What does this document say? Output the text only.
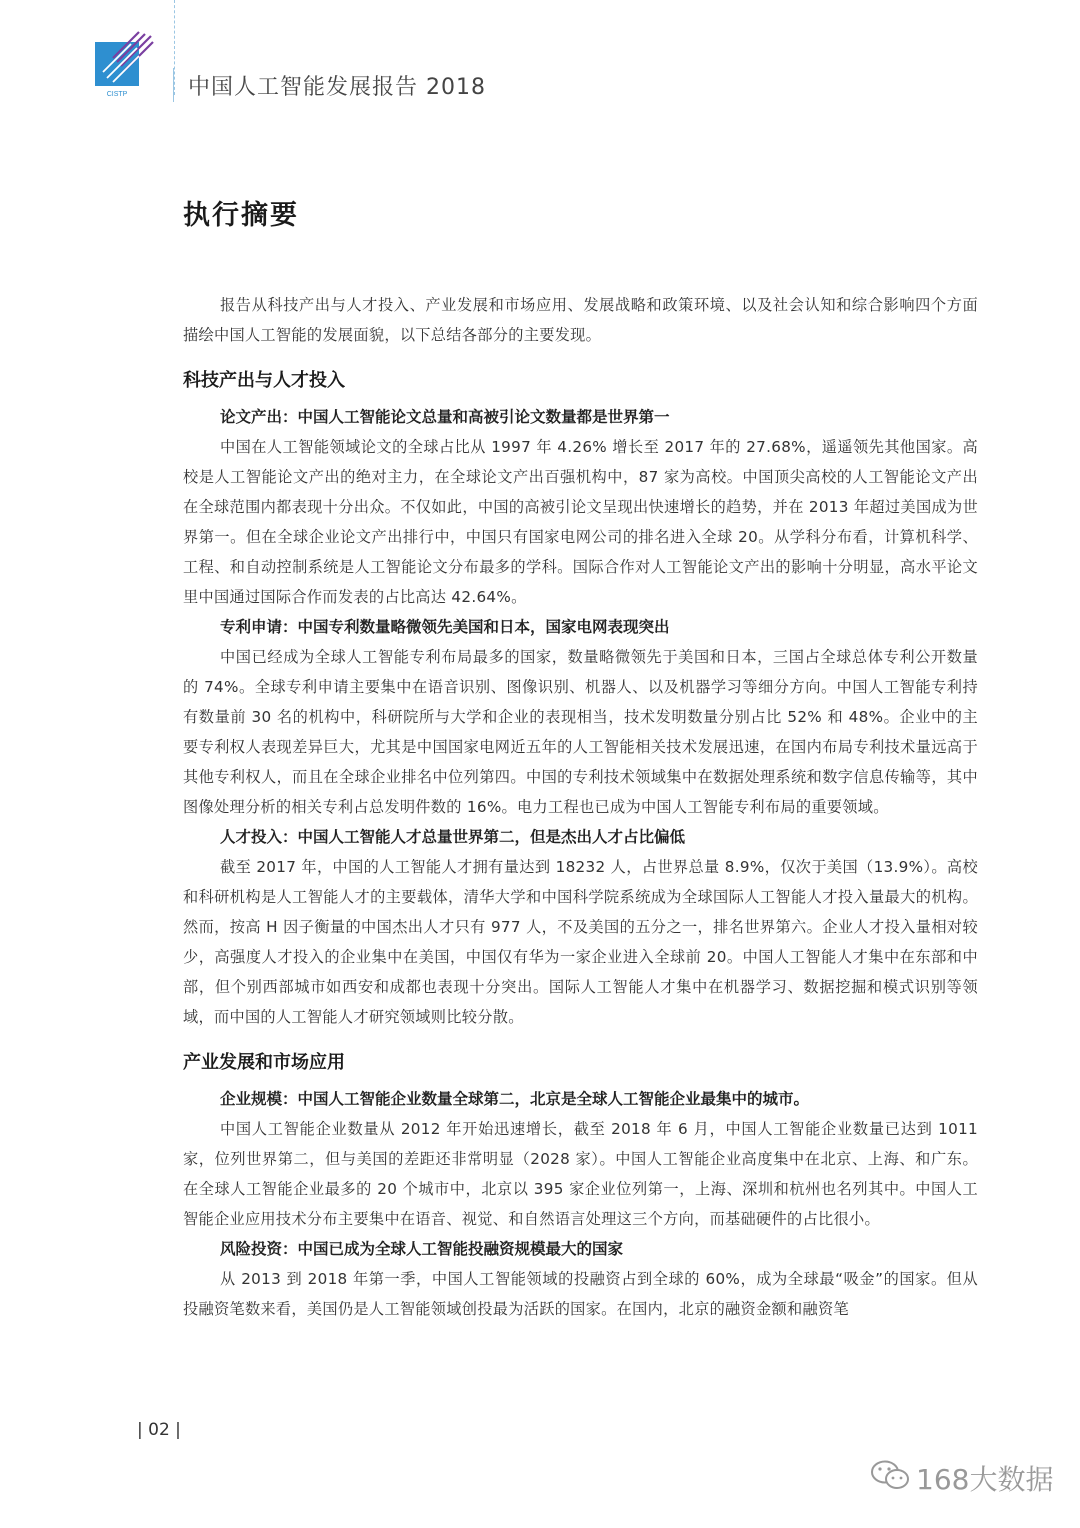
CISTP	中国人工智能发展报告 2018
执行摘要

报告从科技产出与人才投入、产业发展和市场应用、发展战略和政策环境、以及社会认知和综合影响四个方面描绘中国人工智能的发展面貌，以下总结各部分的主要发现。

科技产出与人才投入
论文产出：中国人工智能论文总量和高被引论文数量都是世界第一

中国在人工智能领域论文的全球占比从 1997 年 4.26% 增长至 2017 年的 27.68%，遥遥领先其他国家。高校是人工智能论文产出的绝对主力，在全球论文产出百强机构中，87 家为高校。中国顶尖高校的人工智能论文产出在全球范围内都表现十分出众。不仅如此，中国的高被引论文呈现出快速增长的趋势，并在 2013 年超过美国成为世界第一。但在全球企业论文产出排行中，中国只有国家电网公司的排名进入全球 20。从学科分布看，计算机科学、工程、和自动控制系统是人工智能论文分布最多的学科。国际合作对人工智能论文产出的影响十分明显，高水平论文里中国通过国际合作而发表的占比高达 42.64%。

专利申请：中国专利数量略微领先美国和日本，国家电网表现突出

中国已经成为全球人工智能专利布局最多的国家，数量略微领先于美国和日本，三国占全球总体专利公开数量的 74%。全球专利申请主要集中在语音识别、图像识别、机器人、以及机器学习等细分方向。中国人工智能专利持有数量前 30 名的机构中，科研院所与大学和企业的表现相当，技术发明数量分别占比 52% 和 48%。企业中的主要专利权人表现差异巨大，尤其是中国国家电网近五年的人工智能相关技术发展迅速，在国内布局专利技术量远高于其他专利权人，而且在全球企业排名中位列第四。中国的专利技术领域集中在数据处理系统和数字信息传输等，其中图像处理分析的相关专利占总发明件数的 16%。电力工程也已成为中国人工智能专利布局的重要领域。

人才投入：中国人工智能人才总量世界第二，但是杰出人才占比偏低

截至 2017 年，中国的人工智能人才拥有量达到 18232 人，占世界总量 8.9%，仅次于美国（13.9%）。高校和科研机构是人工智能人才的主要载体，清华大学和中国科学院系统成为全球国际人工智能人才投入量最大的机构。然而，按高 H 因子衡量的中国杰出人才只有 977 人，不及美国的五分之一，排名世界第六。企业人才投入量相对较少，高强度人才投入的企业集中在美国，中国仅有华为一家企业进入全球前 20。中国人工智能人才集中在东部和中部，但个别西部城市如西安和成都也表现十分突出。国际人工智能人才集中在机器学习、数据挖掘和模式识别等领域，而中国的人工智能人才研究领域则比较分散。

产业发展和市场应用
企业规模：中国人工智能企业数量全球第二，北京是全球人工智能企业最集中的城市。

中国人工智能企业数量从 2012 年开始迅速增长，截至 2018 年 6 月，中国人工智能企业数量已达到 1011 家，位列世界第二，但与美国的差距还非常明显（2028 家）。中国人工智能企业高度集中在北京、上海、和广东。在全球人工智能企业最多的 20 个城市中，北京以 395 家企业位列第一，上海、深圳和杭州也名列其中。中国人工智能企业应用技术分布主要集中在语音、视觉、和自然语言处理这三个方向，而基础硬件的占比很小。

风险投资：中国已成为全球人工智能投融资规模最大的国家

从 2013 到 2018 年第一季，中国人工智能领域的投融资占到全球的 60%，成为全球最“吸金”的国家。但从投融资笔数来看，美国仍是人工智能领域创投最为活跃的国家。在国内，北京的融资金额和融资笔

| 02 |
168大数据
